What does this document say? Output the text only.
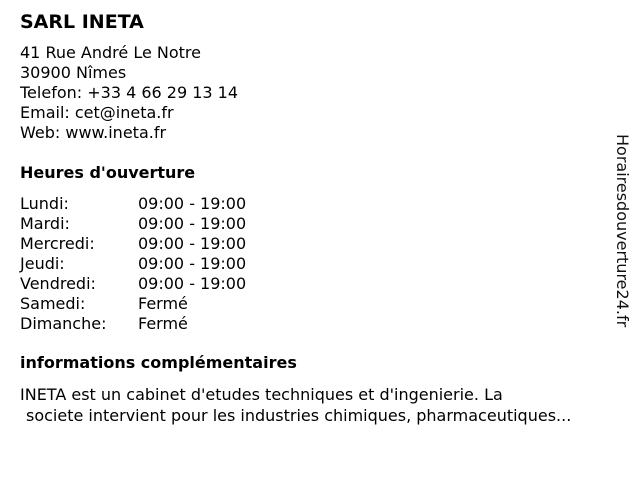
SARL INETA
41 Rue André Le Notre
30900 Nîmes
Telefon: +33 4 66 29 13 14
Email: cet@ineta.fr
Web: www.ineta.fr
Heures d'ouverture
Lundi:	09:00 - 19:00
Mardi:	09:00 - 19:00
Mercredi:	09:00 - 19:00
Jeudi:	09:00 - 19:00
Vendredi:	09:00 - 19:00
Samedi:	Fermé
Dimanche: Fermé
informations complémentaires
INETA est un cabinet d'etudes techniques et d'ingenierie. La
societe intervient pour les industries chimiques, pharmaceutiques...
Horairesdouverture24.fr
